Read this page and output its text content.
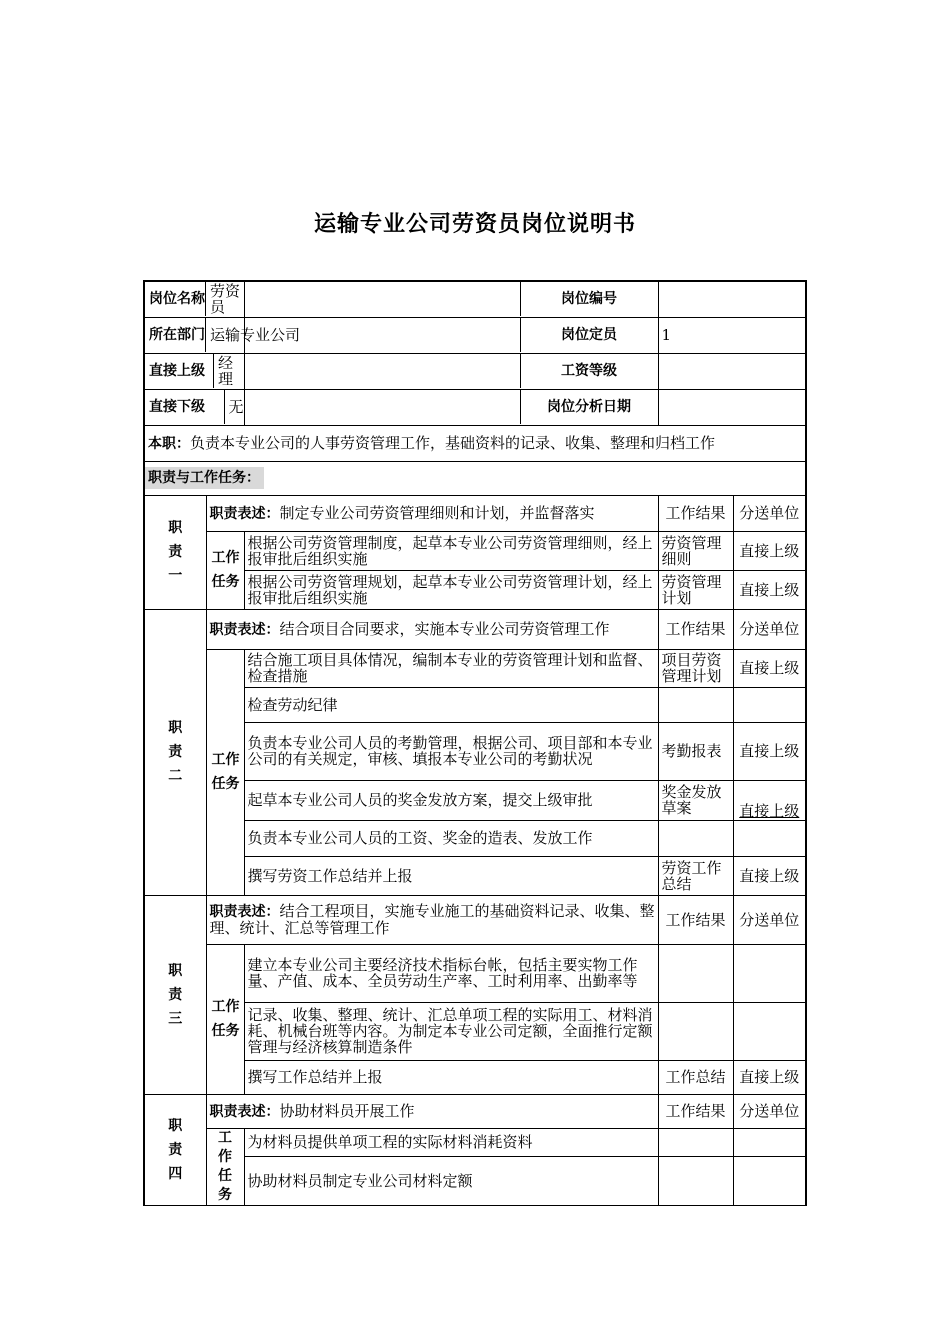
运输专业公司劳资员岗位说明书
岗位名称 劳资员		岗位编号		

所在部门 运输专业公司		岗位定员	1	

直接上级 经理		工资等级		

直接下级 无		岗位分析日期		

本职：负责本专业公司的人事劳资管理工作，基础资料的记录、收集、整理和归档工作				
职责与工作任务：				
职责一	职责表述：制定专业公司劳资管理细则和计划，并监督落实		工作结果	分送单位
	工作任务	根据公司劳资管理制度，起草本专业公司劳资管理细则，经上报审批后组织实施	劳资管理细则	直接上级
		根据公司劳资管理规划，起草本专业公司劳资管理计划，经上报审批后组织实施	劳资管理计划	直接上级
职责二	职责表述：结合项目合同要求，实施本专业公司劳资管理工作		工作结果	分送单位
	工作任务	结合施工项目具体情况，编制本专业的劳资管理计划和监督、检查措施	项目劳资管理计划	直接上级
		检查劳动纪律		
		负责本专业公司人员的考勤管理，根据公司、项目部和本专业公司的有关规定，审核、填报本专业公司的考勤状况	考勤报表	直接上级
		起草本专业公司人员的奖金发放方案，提交上级审批	奖金发放草案	直接上级
		负责本专业公司人员的工资、奖金的造表、发放工作		
		撰写劳资工作总结并上报	劳资工作总结	直接上级
职责三	职责表述：结合工程项目，实施专业施工的基础资料记录、收集、整理、统计、汇总等管理工作		工作结果	分送单位
	工作任务	建立本专业公司主要经济技术指标台帐，包括主要实物工作量、产值、成本、全员劳动生产率、工时利用率、出勤率等		
		记录、收集、整理、统计、汇总单项工程的实际用工、材料消耗、机械台班等内容。为制定本专业公司定额，全面推行定额管理与经济核算制造条件		
		撰写工作总结并上报	工作总结	直接上级
职责四	职责表述：协助材料员开展工作		工作结果	分送单位
	工作任务	为材料员提供单项工程的实际材料消耗资料		
		协助材料员制定专业公司材料定额		
